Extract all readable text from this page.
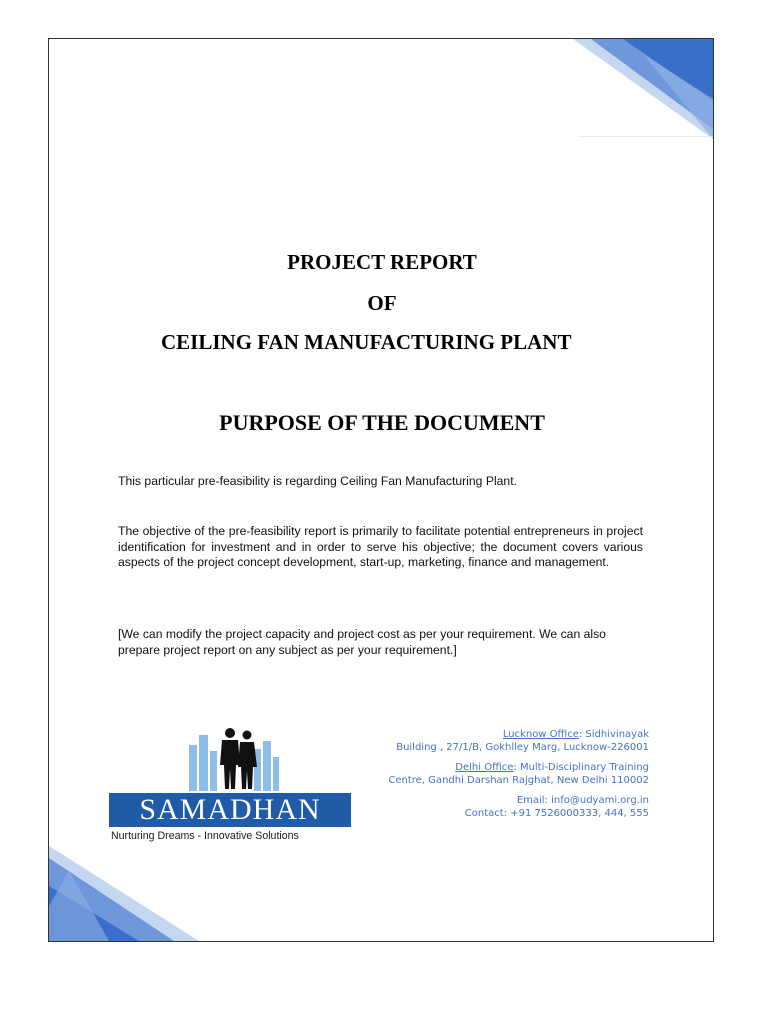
PROJECT REPORT
OF
CEILING FAN MANUFACTURING PLANT
PURPOSE OF THE DOCUMENT

This particular pre-feasibility is regarding Ceiling Fan Manufacturing Plant.

The objective of the pre-feasibility report is primarily to facilitate potential entrepreneurs in project identification for investment and in order to serve his objective; the document covers various aspects of the project concept development, start-up, marketing, finance and management.

[We can modify the project capacity and project cost as per your requirement. We can also prepare project report on any subject as per your requirement.]

SAMADHAN
Nurturing Dreams - Innovative Solutions
Lucknow Office: Sidhivinayak
Building , 27/1/B, Gokhlley Marg, Lucknow-226001
Delhi Office: Multi-Disciplinary Training
Centre, Gandhi Darshan Rajghat, New Delhi 110002
Email: info@udyami.org.in
Contact: +91 7526000333, 444, 555
